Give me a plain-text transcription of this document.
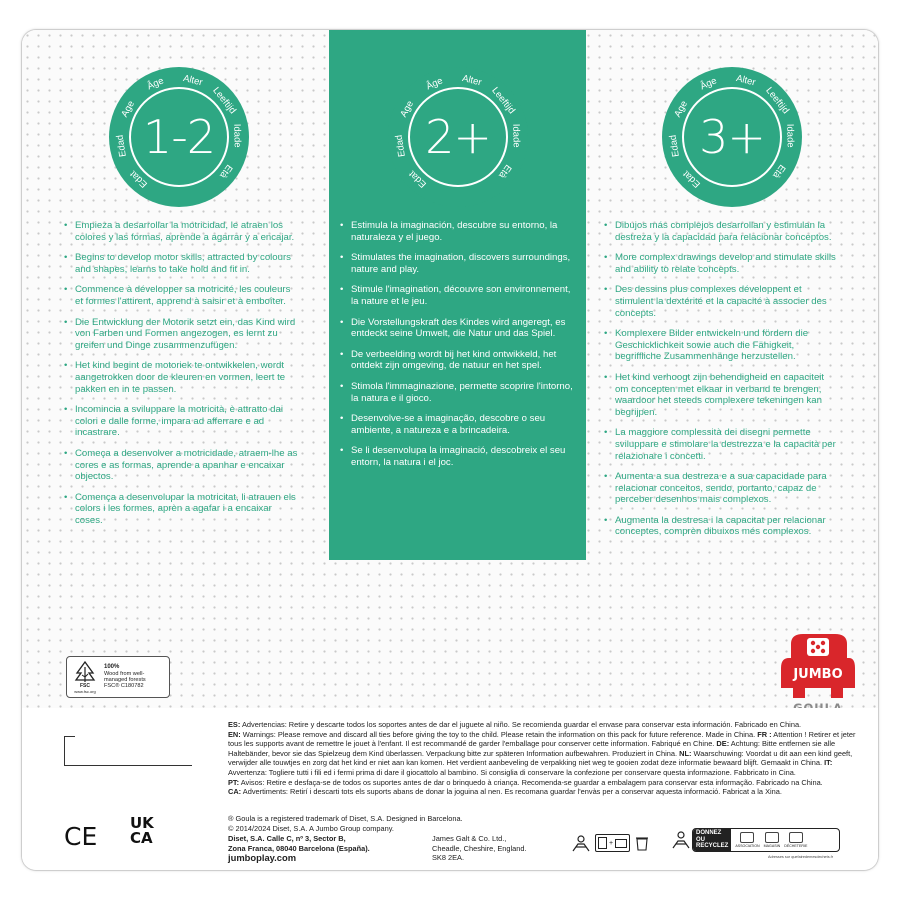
Edat
Edad
Age
Âge Alter
Leeftijd
Idade
Età
1-2
Edat
Edad
Age
Âge Alter
Leeftijd
Idade
Età
2+
Edat
Edad
Age
Âge Alter
Leeftijd
Idade
Età
3+

• Empieza a desarrollar la motricidad, le atraen los colores y las formas, aprende a agarrar y a encajar.

• Begins to develop motor skills, attracted by colours and shapes, learns to take hold and fit in.

• Commence à développer sa motricité, les couleurs et formes l'attirent, apprend à saisir et à emboîter.

• Die Entwicklung der Motorik setzt ein, das Kind wird von Farben und Formen angezogen, es lernt zu greifen und Dinge zusammenzufügen.

• Het kind begint de motoriek te ontwikkelen, wordt aangetrokken door de kleuren en vormen, leert te pakken en in te passen.

• Incomincia a sviluppare la motricità, è attratto dai colori e dalle forme, impara ad afferrare e ad incastrare.

• Começa a desenvolver a motricidade, atraem-lhe as cores e as formas, aprende a apanhar e encaixar objectos.

• Comença a desenvolupar la motricitat, li atrauen els colors i les formes, aprèn a agafar i a encaixar coses.

• Estimula la imaginación, descubre su entorno, la naturaleza y el juego.

• Stimulates the imagination, discovers surroundings, nature and play.

• Stimule l'imagination, découvre son environnement, la nature et le jeu.

• Die Vorstellungskraft des Kindes wird angeregt, es entdeckt seine Umwelt, die Natur und das Spiel.

• De verbeelding wordt bij het kind ontwikkeld, het ontdekt zijn omgeving, de natuur en het spel.

• Stimola l'immaginazione, permette scoprire l'intorno, la natura e il gioco.

• Desenvolve-se a imaginação, descobre o seu ambiente, a natureza e a brincadeira.

• Se li desenvolupa la imaginació, descobreix el seu entorn, la natura i el joc.

• Dibujos más complejos desarrollan y estimulan la destreza y la capacidad para relacionar conceptos.

• More complex drawings develop and stimulate skills and ability to relate concepts.

• Des dessins plus complexes développent et stimulent la dextérité et la capacité à associer des concepts.

• Komplexere Bilder entwickeln und fördern die Geschicklichkeit sowie auch die Fähigkeit, begriffliche Zusammenhänge herzustellen.

• Het kind verhoogt zijn behendigheid en capaciteit om concepten met elkaar in verband te brengen, waardoor het steeds complexere tekeningen kan begrijpen.

• La maggiore complessità dei disegni permette sviluppare e stimolare la destrezza e la capacità per relazionare i concetti.

• Aumenta a sua destreza e a sua capacidade para relacionar conceitos, sendo, portanto, capaz de perceber desenhos mais complexos.

• Augmenta la destresa i la capacitat per relacionar conceptes, comprèn dibuixos més complexos.

FSC
www.fsc.org
100%
Wood from well-
managed forests
FSC® C180782
JUMBO
ES: Advertencias: Retire y descarte todos los soportes antes de dar el juguete al niño. Se recomienda guardar el envase para conservar esta información. Fabricado en China.
EN: Warnings: Please remove and discard all ties before giving the toy to the child. Please retain the information on this pack for future reference. Made in China. FR : Attention ! Retirer et jeter tous les supports avant de remettre le jouet à l'enfant. Il est recommandé de garder l'emballage pour conserver cette information. Fabriqué en Chine. DE: Achtung: Bitte entfernen sie alle Haltebänder, bevor sie das Spielzeug dem Kind überlassen. Verpackung bitte zur späteren Information aufbewahren. Produziert in China. NL: Waarschuwing: Voordat u dit aan een kind geeft, verwijder alle touwtjes en zorg dat het kind er niet aan kan komen. Het verdient aanbeveling de verpakking niet weg te gooien zodat deze informatie bewaard blijft. Gemaakt in China. IT: Avvertenza: Togliere tutti i fili ed i fermi prima di dare il giocattolo al bambino. Si consiglia di conservare la confezione per conservare questa informazione. Fabbricato in Cina.
PT: Avisos: Retire e desfaça-se de todos os suportes antes de dar o brinquedo à criança. Recomenda-se guardar a embalagem para conservar esta informação. Fabricado na China.
CA: Advertiments: Retirí i descarti tots els suports abans de donar la joguina al nen. Es recomana guardar l'envàs per a conservar aquesta informació. Fabricat a la Xina.
® Goula is a registered trademark of Diset, S.A. Designed in Barcelona.
© 2014/2024 Diset, S.A. A Jumbo Group company.
Diset, S.A. Calle C, nº 3, Sector B,
Zona Franca, 08040 Barcelona (España).
jumboplay.com
James Galt & Co. Ltd.,
Cheadle, Cheshire, England.
SK8 2EA.
CE UK
CA	+
DONNEZ
OU
RECYCLEZ ASSOCIATION MAGASIN DÉCHETERIE
Adresses sur quefairedemesdechets.fr
